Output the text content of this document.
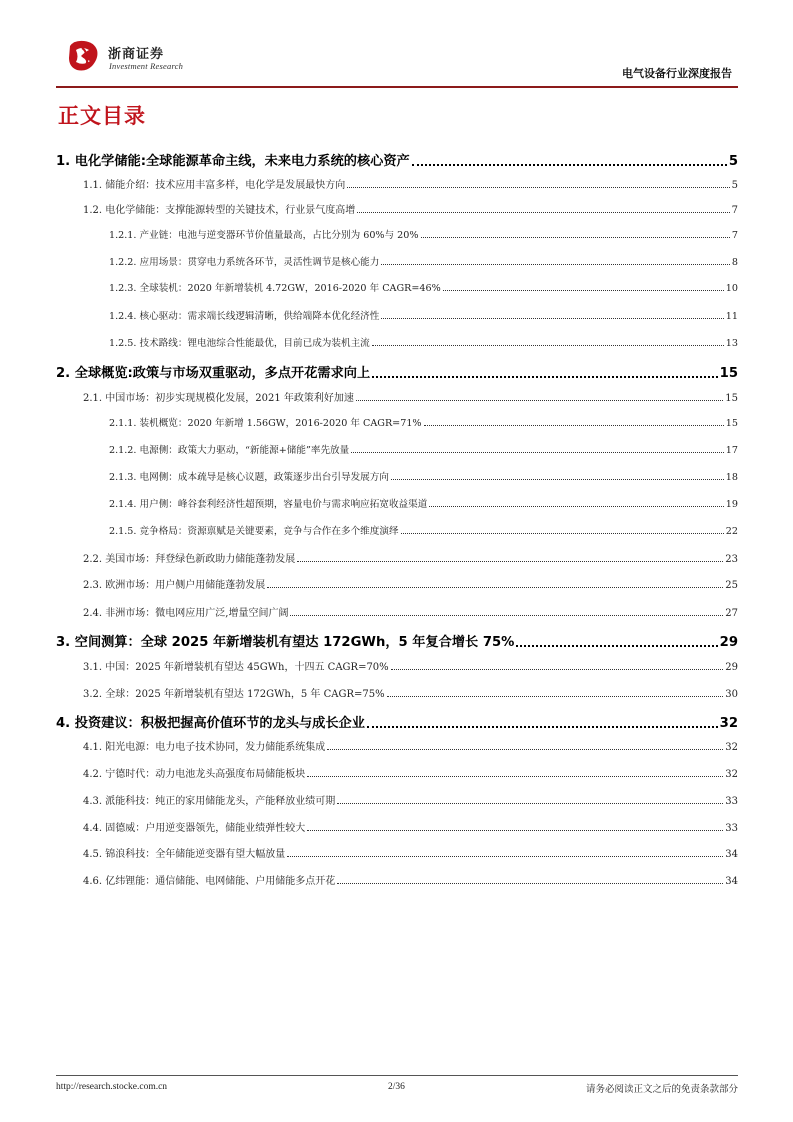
浙商证券
Investment Research
电气设备行业深度报告
正文目录
1. 电化学储能:全球能源革命主线，未来电力系统的核心资产	5
1.1. 储能介绍：技术应用丰富多样，电化学是发展最快方向	5
1.2. 电化学储能：支撑能源转型的关键技术，行业景气度高增	7
1.2.1. 产业链：电池与逆变器环节价值量最高，占比分别为 60%与 20%	7
1.2.2. 应用场景：贯穿电力系统各环节，灵活性调节是核心能力	8
1.2.3. 全球装机：2020 年新增装机 4.72GW，2016-2020 年 CAGR=46%	10
1.2.4. 核心驱动：需求端长线逻辑清晰，供给端降本优化经济性	11
1.2.5. 技术路线：锂电池综合性能最优，目前已成为装机主流	13
2. 全球概览:政策与市场双重驱动，多点开花需求向上	15
2.1. 中国市场：初步实现规模化发展，2021 年政策利好加速	15
2.1.1. 装机概览：2020 年新增 1.56GW，2016-2020 年 CAGR=71%	15
2.1.2. 电源侧：政策大力驱动，“新能源+储能”率先放量	17
2.1.3. 电网侧：成本疏导是核心议题，政策逐步出台引导发展方向	18
2.1.4. 用户侧：峰谷套利经济性超预期，容量电价与需求响应拓宽收益渠道	19
2.1.5. 竞争格局：资源禀赋是关键要素，竞争与合作在多个维度演绎	22
2.2. 美国市场：拜登绿色新政助力储能蓬勃发展	23
2.3. 欧洲市场：用户侧户用储能蓬勃发展	25
2.4. 非洲市场：微电网应用广泛,增量空间广阔	27
3. 空间测算：全球 2025 年新增装机有望达 172GWh，5 年复合增长 75%	29
3.1. 中国：2025 年新增装机有望达 45GWh，十四五 CAGR=70%	29
3.2. 全球：2025 年新增装机有望达 172GWh，5 年 CAGR=75%	30
4. 投资建议：积极把握高价值环节的龙头与成长企业	32
4.1. 阳光电源：电力电子技术协同，发力储能系统集成	32
4.2. 宁德时代：动力电池龙头高强度布局储能板块	32
4.3. 派能科技：纯正的家用储能龙头，产能释放业绩可期	33
4.4. 固德威：户用逆变器领先，储能业绩弹性较大	33
4.5. 锦浪科技：全年储能逆变器有望大幅放量	34
4.6. 亿纬锂能：通信储能、电网储能、户用储能多点开花	34
http://research.stocke.com.cn	2/36	请务必阅读正文之后的免责条款部分
